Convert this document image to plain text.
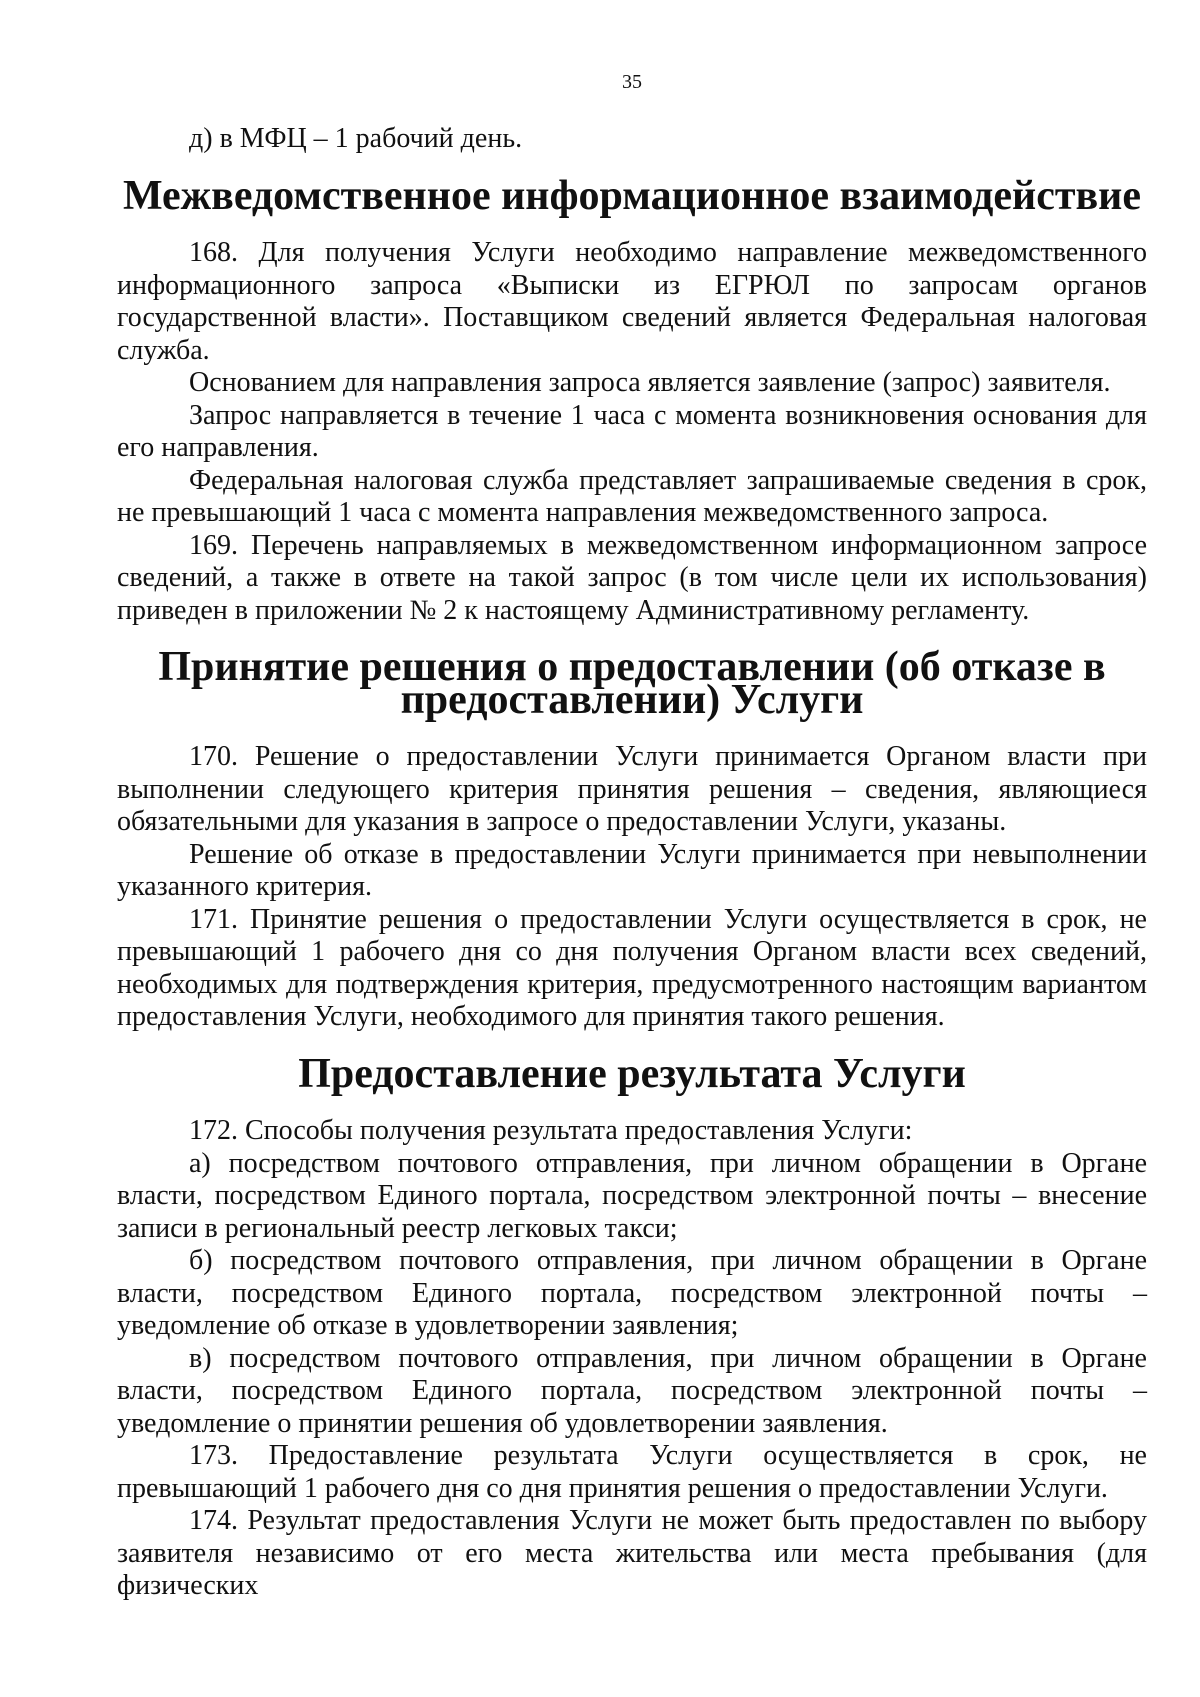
35

д) в МФЦ – 1 рабочий день.

Межведомственное информационное взаимодействие

168. Для получения Услуги необходимо направление межведомственного информационного запроса «Выписки из ЕГРЮЛ по запросам органов государственной власти». Поставщиком сведений является Федеральная налоговая служба.

Основанием для направления запроса является заявление (запрос) заявителя.

Запрос направляется в течение 1 часа с момента возникновения основания для его направления.

Федеральная налоговая служба представляет запрашиваемые сведения в срок, не превышающий 1 часа с момента направления межведомственного запроса.

169. Перечень направляемых в межведомственном информационном запросе сведений, а также в ответе на такой запрос (в том числе цели их использования) приведен в приложении № 2 к настоящему Административному регламенту.

Принятие решения о предоставлении (об отказе в предоставлении) Услуги

170. Решение о предоставлении Услуги принимается Органом власти при выполнении следующего критерия принятия решения – сведения, являющиеся обязательными для указания в запросе о предоставлении Услуги, указаны.

Решение об отказе в предоставлении Услуги принимается при невыполнении указанного критерия.

171. Принятие решения о предоставлении Услуги осуществляется в срок, не превышающий 1 рабочего дня со дня получения Органом власти всех сведений, необходимых для подтверждения критерия, предусмотренного настоящим вариантом предоставления Услуги, необходимого для принятия такого решения.

Предоставление результата Услуги

172. Способы получения результата предоставления Услуги:

а) посредством почтового отправления, при личном обращении в Органе власти, посредством Единого портала, посредством электронной почты – внесение записи в региональный реестр легковых такси;

б) посредством почтового отправления, при личном обращении в Органе власти, посредством Единого портала, посредством электронной почты – уведомление об отказе в удовлетворении заявления;

в) посредством почтового отправления, при личном обращении в Органе власти, посредством Единого портала, посредством электронной почты – уведомление о принятии решения об удовлетворении заявления.

173. Предоставление результата Услуги осуществляется в срок, не превышающий 1 рабочего дня со дня принятия решения о предоставлении Услуги.

174. Результат предоставления Услуги не может быть предоставлен по выбору заявителя независимо от его места жительства или места пребывания (для физических
